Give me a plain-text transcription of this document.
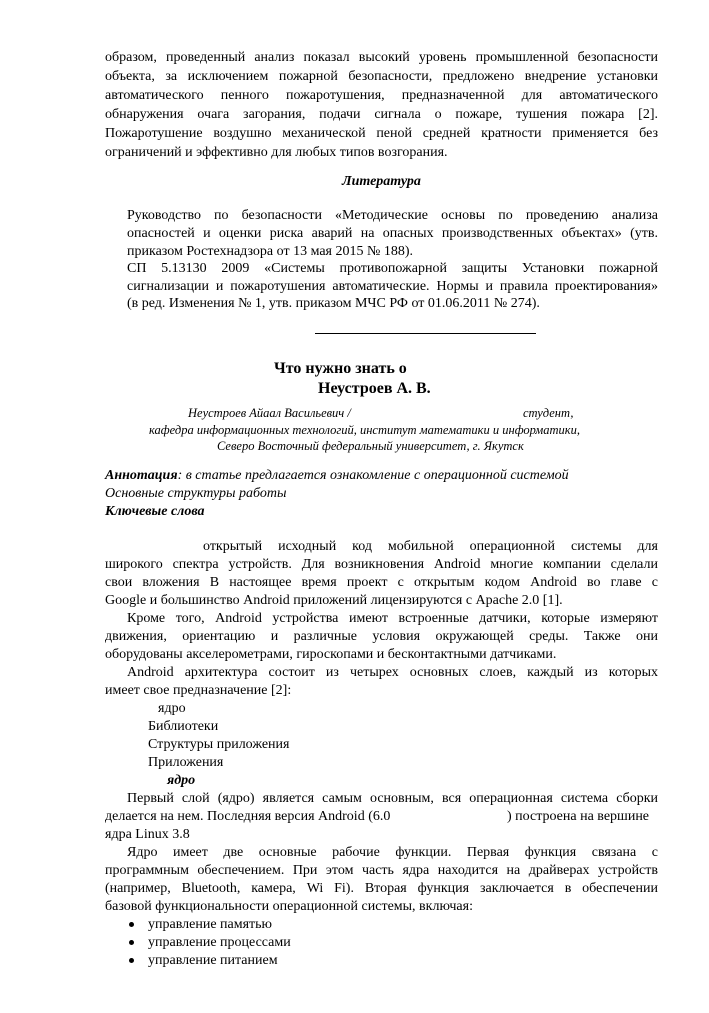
образом, проведенный анализ показал высокий уровень промышленной безопасности
объекта, за исключением пожарной безопасности, предложено внедрение установки
автоматического пенного пожаротушения, предназначенной для автоматического
обнаружения очага загорания, подачи сигнала о пожаре, тушения пожара [2].
Пожаротушение воздушно механической пеной средней кратности применяется без
ограничений и эффективно для любых типов возгорания.
Литература
Руководство по безопасности «Методические основы по проведению анализа
опасностей и оценки риска аварий на опасных производственных объектах» (утв.
приказом Ростехнадзора от 13 мая 2015 № 188).
СП 5.13130 2009 «Системы противопожарной защиты Установки пожарной
сигнализации и пожаротушения автоматические. Нормы и правила проектирования»
(в ред. Изменения № 1, утв. приказом МЧС РФ от 01.06.2011 № 274).
Что нужно знать о
Неустроев А. В.
Неустроев Айаал Васильевич /	студент,
кафедра информационных технологий, институт математики и информатики,
Северо Восточный федеральный университет, г. Якутск
Аннотация: в статье предлагается ознакомление с операционной системой
Основные структуры работы
Ключевые слова
открытый исходный код мобильной операционной системы для
широкого спектра устройств. Для возникновения Android многие компании сделали
свои вложения В настоящее время проект с открытым кодом Android во главе с
Google и большинство Android приложений лицензируются с Apache 2.0 [1].
Кроме того, Android устройства имеют встроенные датчики, которые измеряют
движения, ориентацию и различные условия окружающей среды. Также они
оборудованы акселерометрами, гироскопами и бесконтактными датчиками.
Android архитектура состоит из четырех основных слоев, каждый из которых
имеет свое предназначение [2]:
ядро
Библиотеки
Структуры приложения
Приложения
ядро
Первый слой (ядро) является самым основным, вся операционная система сборки
делается на нем. Последняя версия Android (6.0	) построена на вершине
ядра Linux 3.8
Ядро имеет две основные рабочие функции. Первая функция связана с
программным обеспечением. При этом часть ядра находится на драйверах устройств
(например, Bluetooth, камера, Wi Fi). Вторая функция заключается в обеспечении
базовой функциональности операционной системы, включая:
управление памятью
управление процессами
управление питанием
